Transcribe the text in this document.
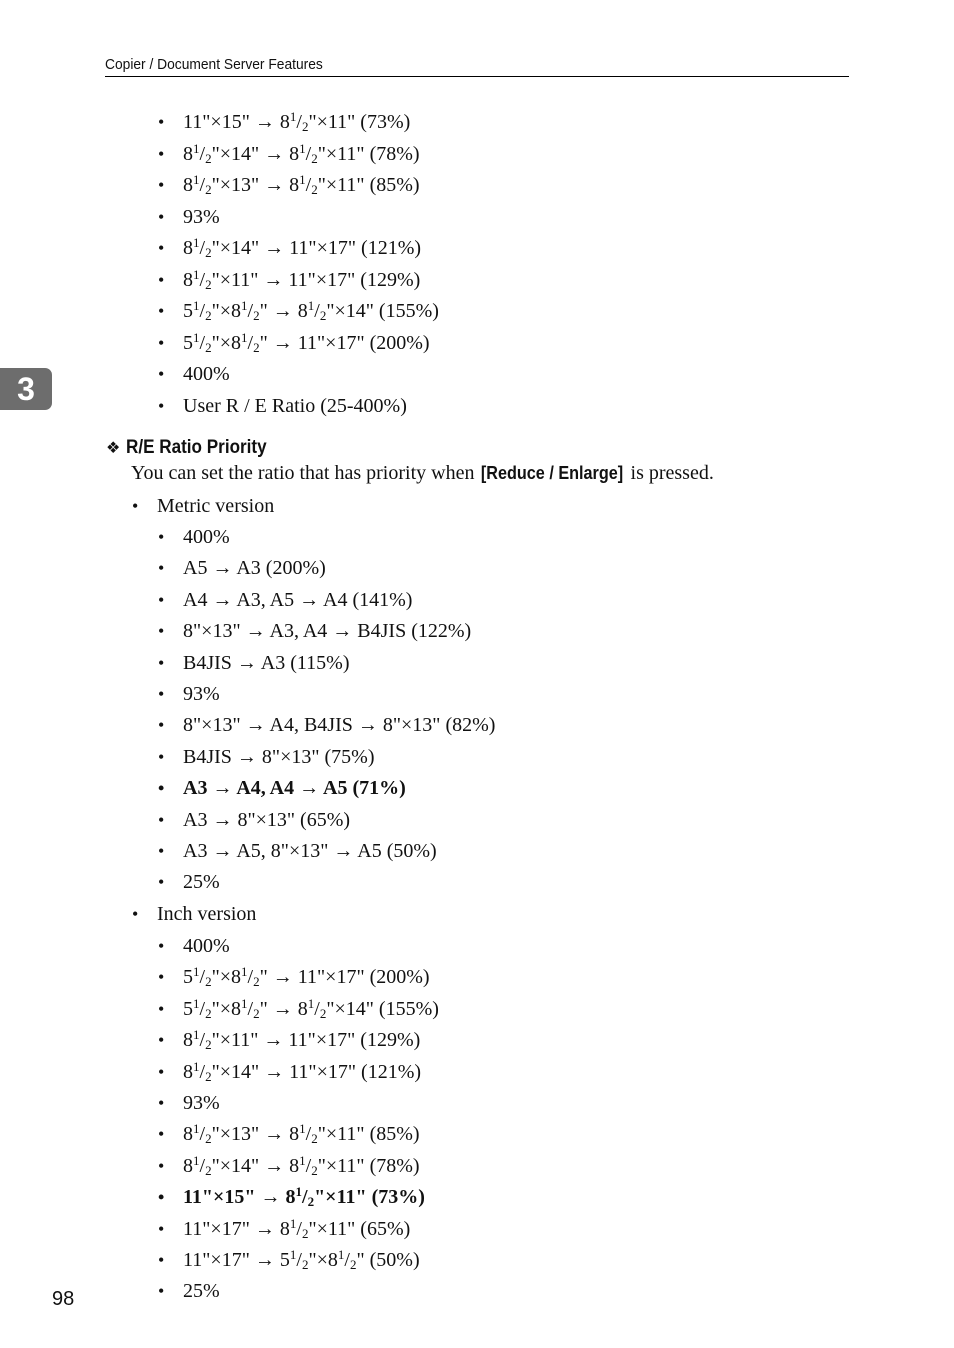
Copier / Document Server Features
3
• 11"×15" → $8^1/_2"\times 11$" (73%)
• $8^1/_2"\times 14$" → $8^1/_2"\times 11$" (78%)
• $8^1/_2"\times 13$" → $8^1/_2"\times 11$" (85%)
• 93%
• $8^1/_2"\times 14$" → 11"×17" (121%)
• $8^1/_2"\times 11$" → 11"×17" (129%)
• $5^1/_2"\times 8^1/_2$" → $8^1/_2"\times 14$" (155%)
• $5^1/_2"\times 8^1/_2$" → 11"×17" (200%)
• 400%
• User R / E Ratio (25-400%)
❖ R/E Ratio Priority
You can set the ratio that has priority when [Reduce / Enlarge] is pressed.
• Metric version
• 400%
• A5 → A3 (200%)
• A4 → A3, A5 → A4 (141%)
• 8"×13" → A3, A4 → B4JIS (122%)
• B4JIS → A3 (115%)
• 93%
• 8"×13" → A4, B4JIS → 8"×13" (82%)
• B4JIS → 8"×13" (75%)
• A3 → A4, A4 → A5 (71%)
• A3 → 8"×13" (65%)
• A3 → A5, 8"×13" → A5 (50%)
• 25%
• Inch version
• 400%
• $5^1/_2"\times 8^1/_2$" → 11"×17" (200%)
• $5^1/_2"\times 8^1/_2$" → $8^1/_2"\times 14$" (155%)
• $8^1/_2"\times 11$" → 11"×17" (129%)
• $8^1/_2"\times 14$" → 11"×17" (121%)
• 93%
• $8^1/_2"\times 13$" → $8^1/_2"\times 11$" (85%)
• $8^1/_2"\times 14$" → $8^1/_2"\times 11$" (78%)
• 11"×15" → $8^1/_2"\times 11$" (73%)
• 11"×17" → $8^1/_2"\times 11$" (65%)
• 11"×17" → $5^1/_2"\times 8^1/_2$" (50%)
• 25%
98
